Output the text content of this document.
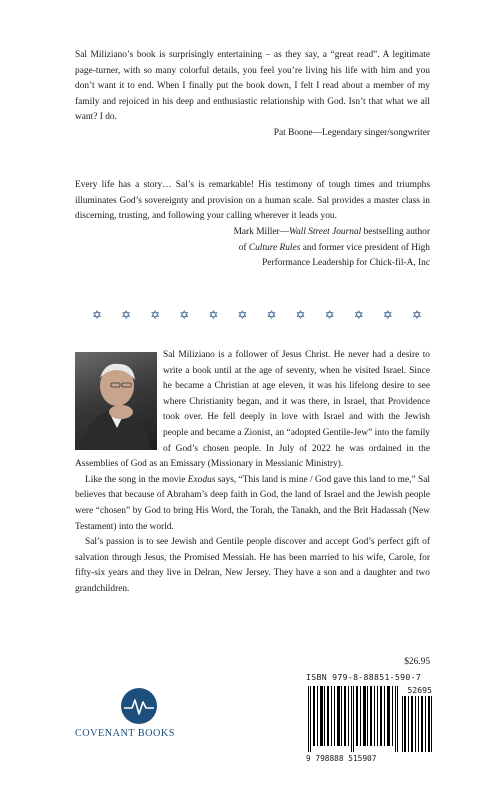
Sal Miliziano’s book is surprisingly entertaining – as they say, a “great read”. A legitimate page-turner, with so many colorful details, you feel you’re living his life with him and you don’t want it to end. When I finally put the book down, I felt I read about a member of my family and rejoiced in his deep and enthusiastic relationship with God. Isn’t that what we all want? I do.
Pat Boone—Legendary singer/songwriter
Every life has a story… Sal’s is remarkable! His testimony of tough times and triumphs illuminates God’s sovereignty and provision on a human scale. Sal provides a master class in discerning, trusting, and following your calling wherever it leads you.
Mark Miller—Wall Street Journal bestselling author
of Culture Rules and former vice president of High
Performance Leadership for Chick-fil-A, Inc
✡ ✡ ✡ ✡ ✡ ✡ ✡ ✡ ✡ ✡ ✡ ✡

Sal Miliziano is a follower of Jesus Christ. He never had a desire to write a book until at the age of seventy, when he visited Israel. Since he became a Christian at age eleven, it was his lifelong desire to see where Christianity began, and it was there, in Israel, that Providence took over. He fell deeply in love with Israel and with the Jewish people and became a Zionist, an “adopted Gentile-Jew” into the family of God’s chosen people. In July of 2022 he was ordained in the Assemblies of God as an Emissary (Missionary in Messianic Ministry).

Like the song in the movie Exodus says, “This land is mine / God gave this land to me,” Sal believes that because of Abraham’s deep faith in God, the land of Israel and the Jewish people were “chosen” by God to bring His Word, the Torah, the Tanakh, and the Brit Hadassah (New Testament) into the world.

Sal’s passion is to see Jewish and Gentile people discover and accept God’s perfect gift of salvation through Jesus, the Promised Messiah. He has been married to his wife, Carole, for fifty-six years and they live in Delran, New Jersey. They have a son and a daughter and two grandchildren.

$26.95
ISBN 979-8-88851-590-7
52695
9 798888 515907
COVENANT BOOKS
